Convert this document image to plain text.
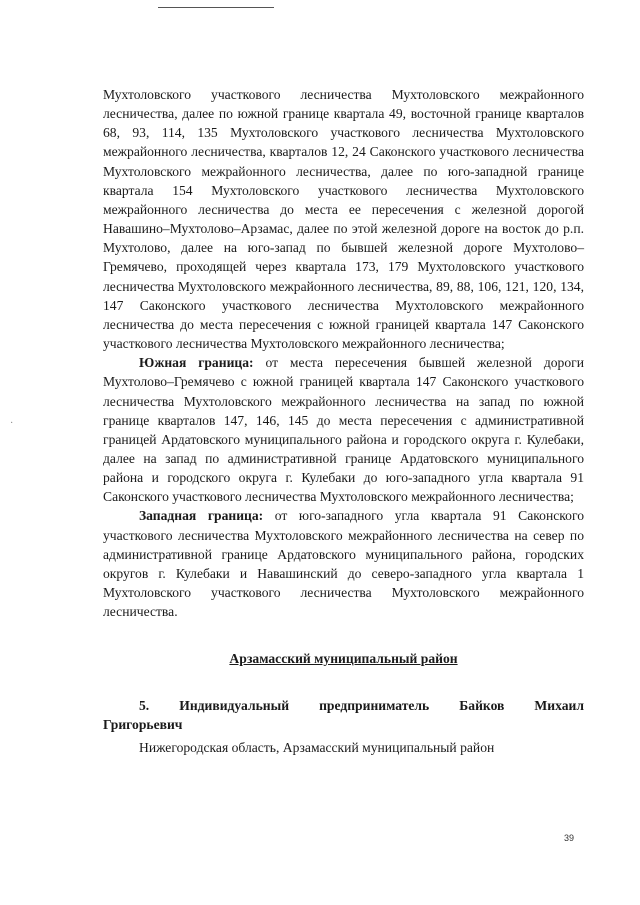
·

Мухтоловского участкового лесничества Мухтоловского межрайонного лесничества, далее по южной границе квартала 49, восточной границе кварталов 68, 93, 114, 135 Мухтоловского участкового лесничества Мухтоловского межрайонного лесничества, кварталов 12, 24 Саконского участкового лесничества Мухтоловского межрайонного лесничества, далее по юго-западной границе квартала 154 Мухтоловского участкового лесничества Мухтоловского межрайонного лесничества до места ее пересечения с железной дорогой Навашино–Мухтолово–Арзамас, далее по этой железной дороге на восток до р.п. Мухтолово, далее на юго-запад по бывшей железной дороге Мухтолово–Гремячево, проходящей через квартала 173, 179 Мухтоловского участкового лесничества Мухтоловского межрайонного лесничества, 89, 88, 106, 121, 120, 134, 147 Саконского участкового лесничества Мухтоловского межрайонного лесничества до места пересечения с южной границей квартала 147 Саконского участкового лесничества Мухтоловского межрайонного лесничества;

Южная граница: от места пересечения бывшей железной дороги Мухтолово–Гремячево с южной границей квартала 147 Саконского участкового лесничества Мухтоловского межрайонного лесничества на запад по южной границе кварталов 147, 146, 145 до места пересечения с административной границей Ардатовского муниципального района и городского округа г. Кулебаки, далее на запад по административной границе Ардатовского муниципального района и городского округа г. Кулебаки до юго-западного угла квартала 91 Саконского участкового лесничества Мухтоловского межрайонного лесничества;

Западная граница: от юго-западного угла квартала 91 Саконского участкового лесничества Мухтоловского межрайонного лесничества на север по административной границе Ардатовского муниципального района, городских округов г. Кулебаки и Навашинский до северо-западного угла квартала 1 Мухтоловского участкового лесничества Мухтоловского межрайонного лесничества.

Арзамасский муниципальный район

5. Индивидуальный предприниматель Байков Михаил
Григорьевич

Нижегородская область, Арзамасский муниципальный район

39
